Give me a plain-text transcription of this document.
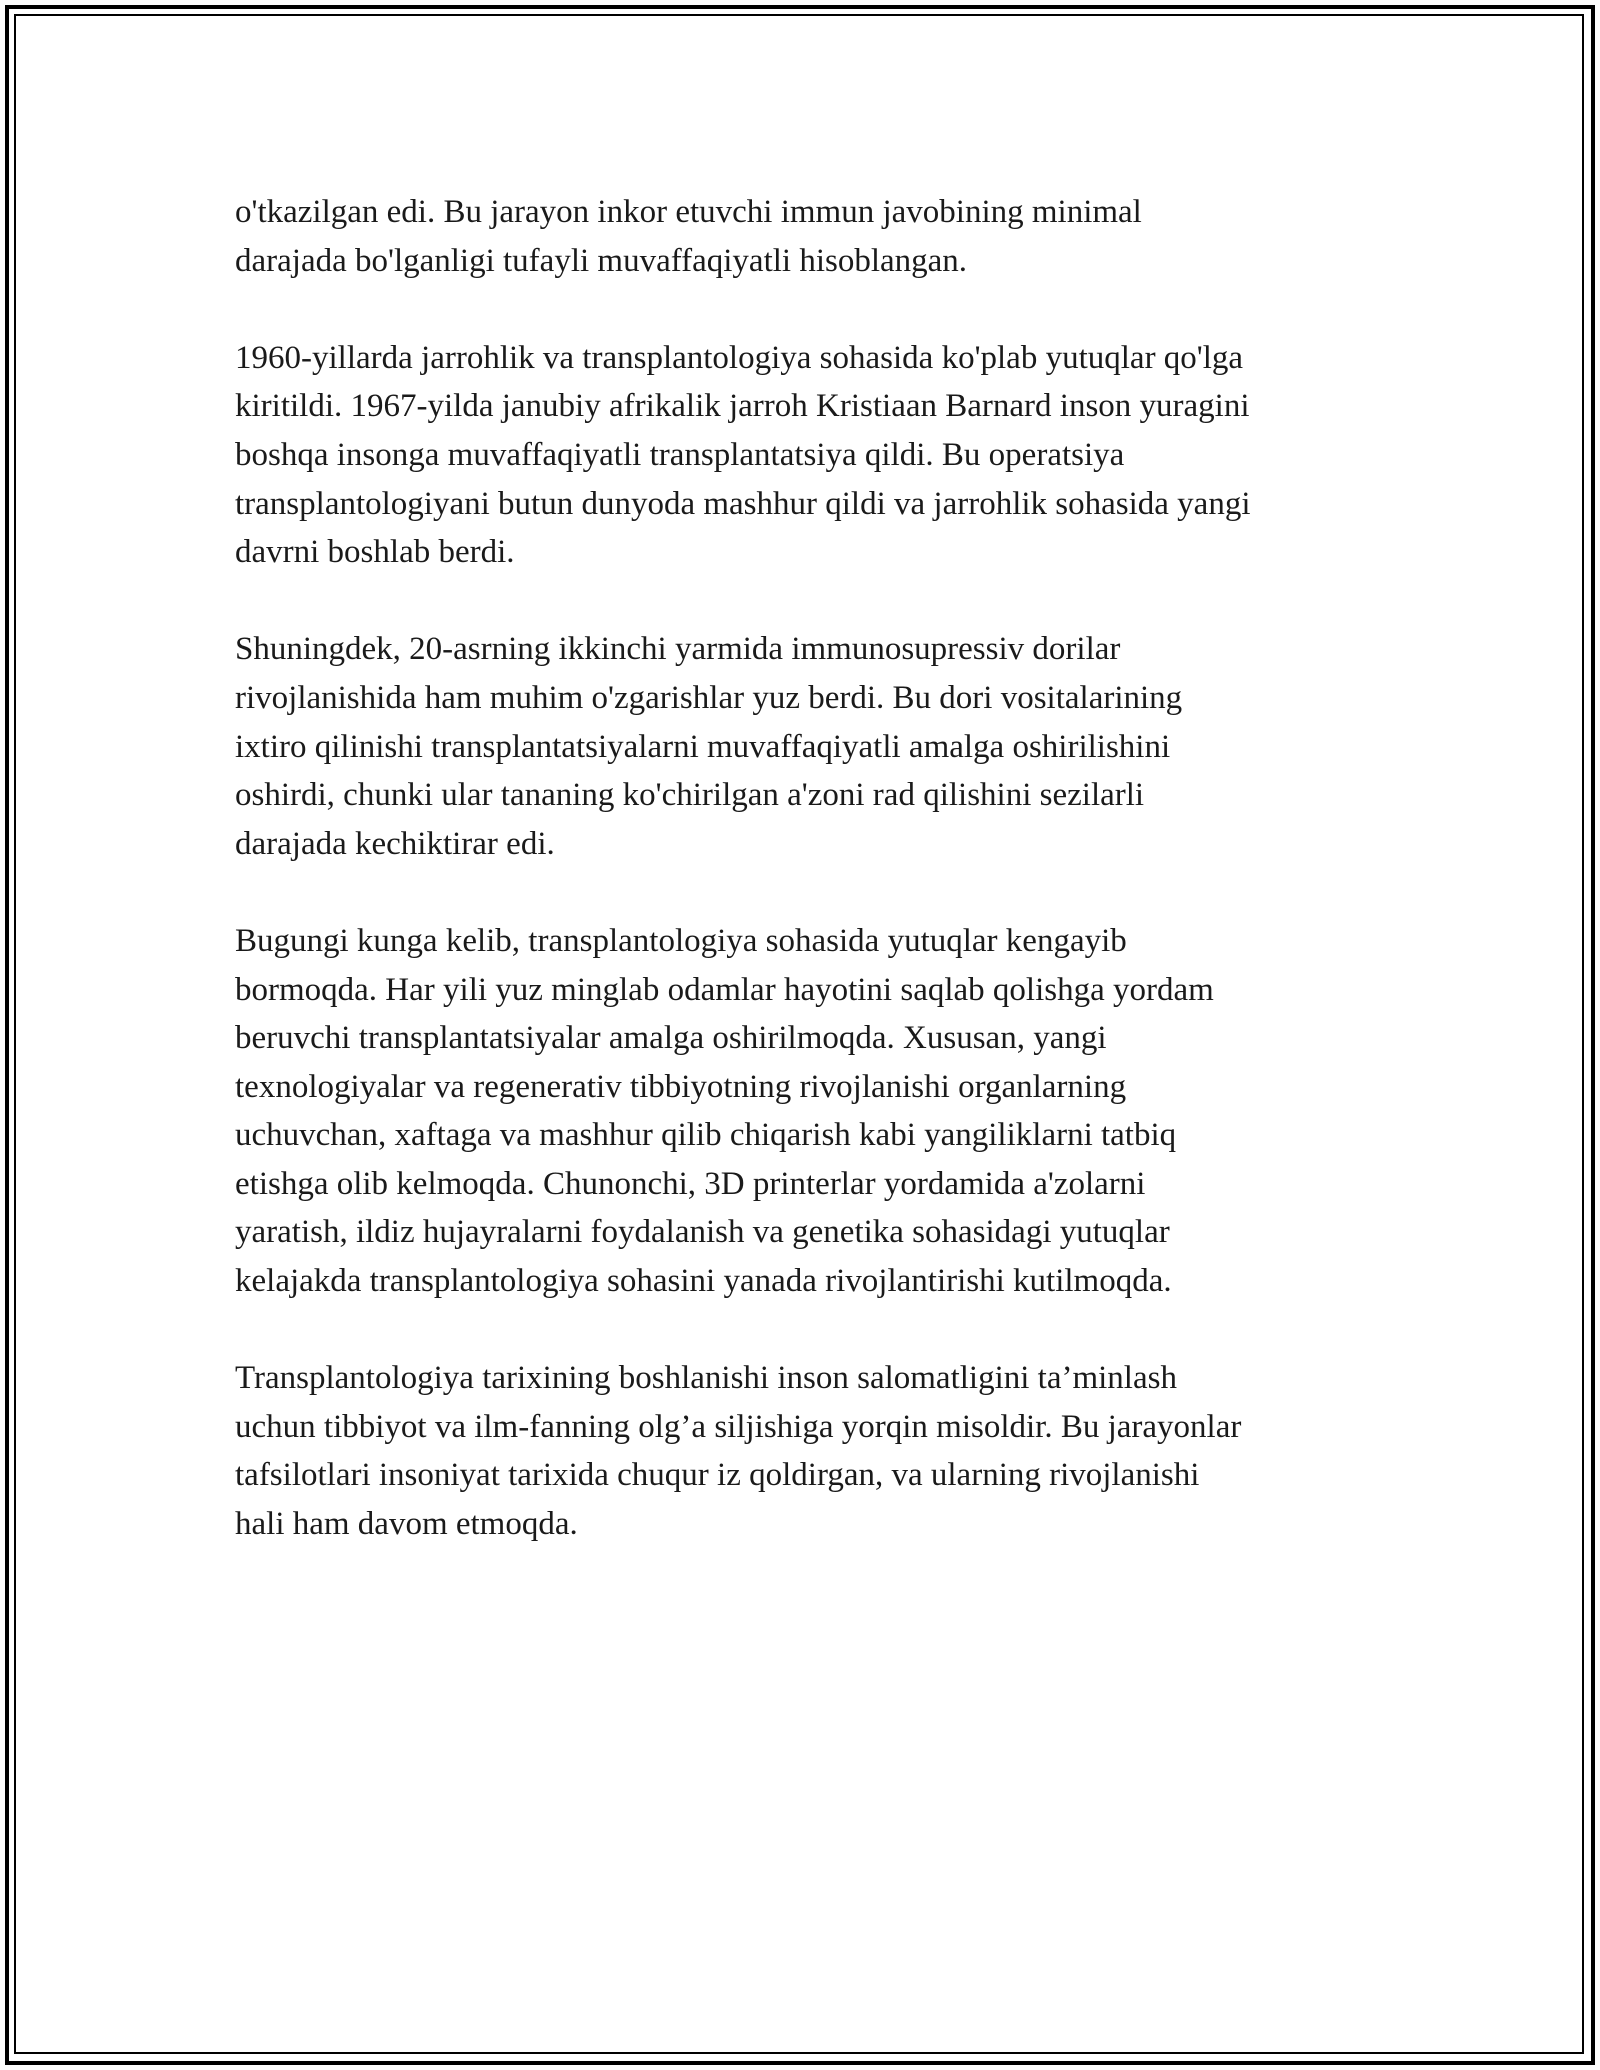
o'tkazilgan edi. Bu jarayon inkor etuvchi immun javobining minimal
darajada bo'lganligi tufayli muvaffaqiyatli hisoblangan.

1960-yillarda jarrohlik va transplantologiya sohasida ko'plab yutuqlar qo'lga
kiritildi. 1967-yilda janubiy afrikalik jarroh Kristiaan Barnard inson yuragini
boshqa insonga muvaffaqiyatli transplantatsiya qildi. Bu operatsiya
transplantologiyani butun dunyoda mashhur qildi va jarrohlik sohasida yangi
davrni boshlab berdi.

Shuningdek, 20-asrning ikkinchi yarmida immunosupressiv dorilar
rivojlanishida ham muhim o'zgarishlar yuz berdi. Bu dori vositalarining
ixtiro qilinishi transplantatsiyalarni muvaffaqiyatli amalga oshirilishini
oshirdi, chunki ular tananing ko'chirilgan a'zoni rad qilishini sezilarli
darajada kechiktirar edi.

Bugungi kunga kelib, transplantologiya sohasida yutuqlar kengayib
bormoqda. Har yili yuz minglab odamlar hayotini saqlab qolishga yordam
beruvchi transplantatsiyalar amalga oshirilmoqda. Xususan, yangi
texnologiyalar va regenerativ tibbiyotning rivojlanishi organlarning
uchuvchan, xaftaga va mashhur qilib chiqarish kabi yangiliklarni tatbiq
etishga olib kelmoqda. Chunonchi, 3D printerlar yordamida a'zolarni
yaratish, ildiz hujayralarni foydalanish va genetika sohasidagi yutuqlar
kelajakda transplantologiya sohasini yanada rivojlantirishi kutilmoqda.

Transplantologiya tarixining boshlanishi inson salomatligini ta’minlash
uchun tibbiyot va ilm-fanning olg’a siljishiga yorqin misoldir. Bu jarayonlar
tafsilotlari insoniyat tarixida chuqur iz qoldirgan, va ularning rivojlanishi
hali ham davom etmoqda.
